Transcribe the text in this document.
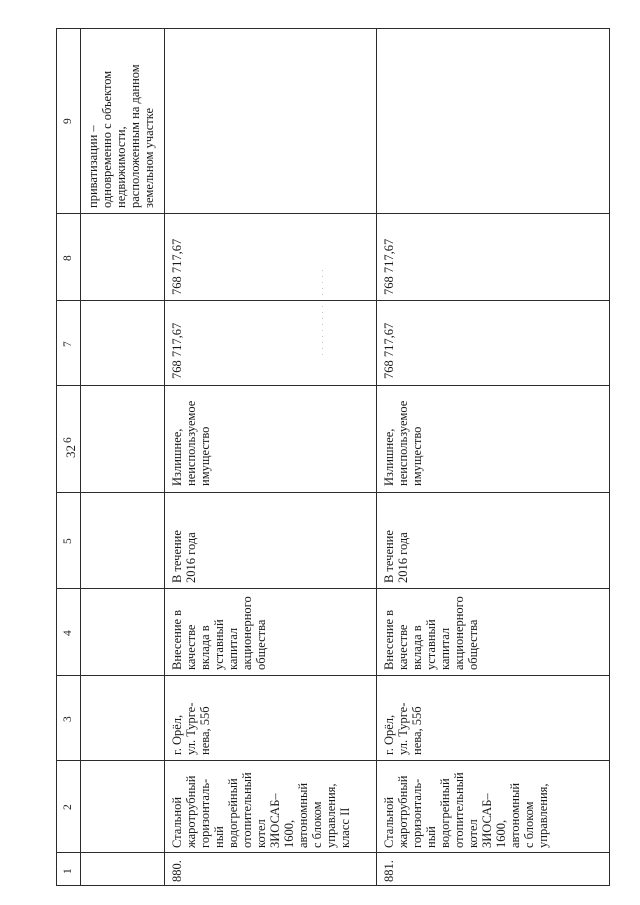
32
1
2
3
4
5
6
7
8
9
приватизации –
одновременно с объектом
недвижимости,
расположенным на данном
земельном участке
880.
Стальной
жаротрубный
горизонталь-
ный
водогрейный
отопительный
котел
ЗИОСАБ–
1600,
автономный
с блоком
управления,
класс II
г. Орёл,
ул. Турге-
нева, 55б
Внесение в
качестве
вклада в
уставный
капитал
акционерного
общества
В течение
2016 года
Излишнее,
неиспользуемое
имущество
768 717,67
768 717,67
881.
Стальной
жаротрубный
горизонталь-
ный
водогрейный
отопительный
котел
ЗИОСАБ–
1600,
автономный
с блоком
управления,
г. Орёл,
ул. Турге-
нева, 55б
Внесение в
качестве
вклада в
уставный
капитал
акционерного
общества
В течение
2016 года
Излишнее,
неиспользуемое
имущество
768 717,67
768 717,67
